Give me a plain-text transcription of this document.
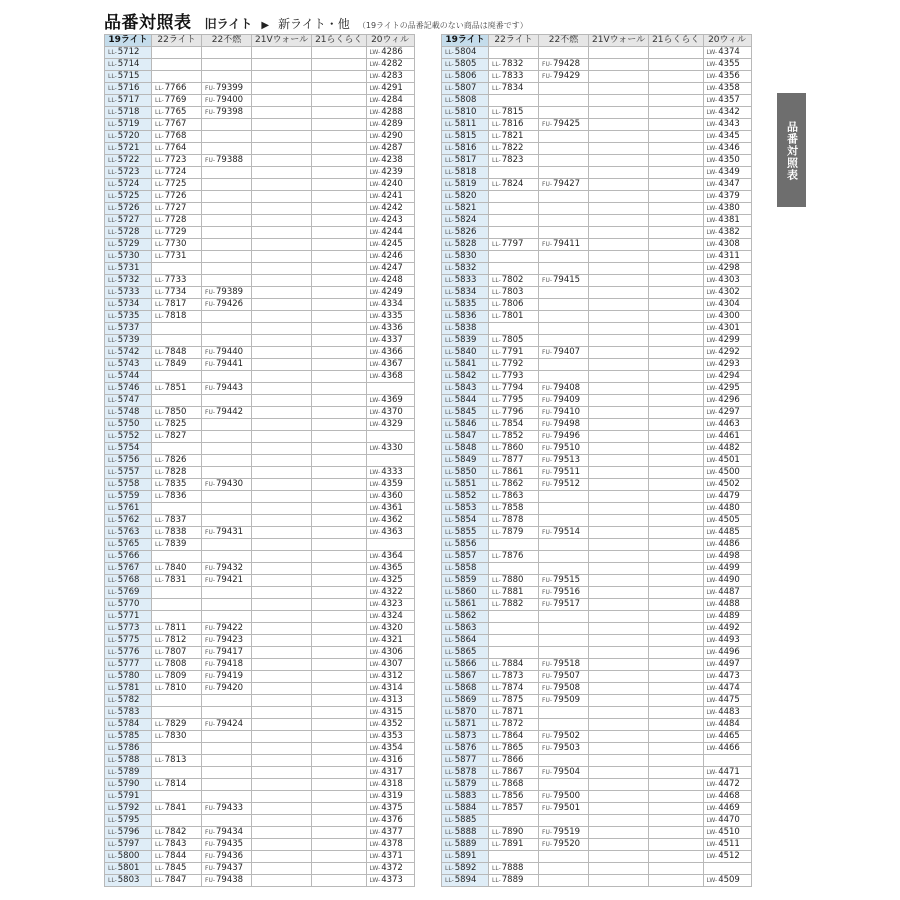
品番対照表 旧ライト ▶ 新ライト・他 （19ライトの品番記載のない商品は廃番です）
品番対照表
19ライト	22ライト	22不燃	21Vウォール	21らくらく	20ウィル
LL-5712					LW-4286
LL-5714					LW-4282
LL-5715					LW-4283
LL-5716	LL-7766	FU-79399			LW-4291
LL-5717	LL-7769	FU-79400			LW-4284
LL-5718	LL-7765	FU-79398			LW-4288
LL-5719	LL-7767				LW-4289
LL-5720	LL-7768				LW-4290
LL-5721	LL-7764				LW-4287
LL-5722	LL-7723	FU-79388			LW-4238
LL-5723	LL-7724				LW-4239
LL-5724	LL-7725				LW-4240
LL-5725	LL-7726				LW-4241
LL-5726	LL-7727				LW-4242
LL-5727	LL-7728				LW-4243
LL-5728	LL-7729				LW-4244
LL-5729	LL-7730				LW-4245
LL-5730	LL-7731				LW-4246
LL-5731					LW-4247
LL-5732	LL-7733				LW-4248
LL-5733	LL-7734	FU-79389			LW-4249
LL-5734	LL-7817	FU-79426			LW-4334
LL-5735	LL-7818				LW-4335
LL-5737					LW-4336
LL-5739					LW-4337
LL-5742	LL-7848	FU-79440			LW-4366
LL-5743	LL-7849	FU-79441			LW-4367
LL-5744					LW-4368
LL-5746	LL-7851	FU-79443			
LL-5747					LW-4369
LL-5748	LL-7850	FU-79442			LW-4370
LL-5750	LL-7825				LW-4329
LL-5752	LL-7827				
LL-5754					LW-4330
LL-5756	LL-7826				
LL-5757	LL-7828				LW-4333
LL-5758	LL-7835	FU-79430			LW-4359
LL-5759	LL-7836				LW-4360
LL-5761					LW-4361
LL-5762	LL-7837				LW-4362
LL-5763	LL-7838	FU-79431			LW-4363
LL-5765	LL-7839				
LL-5766					LW-4364
LL-5767	LL-7840	FU-79432			LW-4365
LL-5768	LL-7831	FU-79421			LW-4325
LL-5769					LW-4322
LL-5770					LW-4323
LL-5771					LW-4324
LL-5773	LL-7811	FU-79422			LW-4320
LL-5775	LL-7812	FU-79423			LW-4321
LL-5776	LL-7807	FU-79417			LW-4306
LL-5777	LL-7808	FU-79418			LW-4307
LL-5780	LL-7809	FU-79419			LW-4312
LL-5781	LL-7810	FU-79420			LW-4314
LL-5782					LW-4313
LL-5783					LW-4315
LL-5784	LL-7829	FU-79424			LW-4352
LL-5785	LL-7830				LW-4353
LL-5786					LW-4354
LL-5788	LL-7813				LW-4316
LL-5789					LW-4317
LL-5790	LL-7814				LW-4318
LL-5791					LW-4319
LL-5792	LL-7841	FU-79433			LW-4375
LL-5795					LW-4376
LL-5796	LL-7842	FU-79434			LW-4377
LL-5797	LL-7843	FU-79435			LW-4378
LL-5800	LL-7844	FU-79436			LW-4371
LL-5801	LL-7845	FU-79437			LW-4372
LL-5803	LL-7847	FU-79438			LW-4373
19ライト	22ライト	22不燃	21Vウォール	21らくらく	20ウィル
LL-5804					LW-4374
LL-5805	LL-7832	FU-79428			LW-4355
LL-5806	LL-7833	FU-79429			LW-4356
LL-5807	LL-7834				LW-4358
LL-5808					LW-4357
LL-5810	LL-7815				LW-4342
LL-5811	LL-7816	FU-79425			LW-4343
LL-5815	LL-7821				LW-4345
LL-5816	LL-7822				LW-4346
LL-5817	LL-7823				LW-4350
LL-5818					LW-4349
LL-5819	LL-7824	FU-79427			LW-4347
LL-5820					LW-4379
LL-5821					LW-4380
LL-5824					LW-4381
LL-5826					LW-4382
LL-5828	LL-7797	FU-79411			LW-4308
LL-5830					LW-4311
LL-5832					LW-4298
LL-5833	LL-7802	FU-79415			LW-4303
LL-5834	LL-7803				LW-4302
LL-5835	LL-7806				LW-4304
LL-5836	LL-7801				LW-4300
LL-5838					LW-4301
LL-5839	LL-7805				LW-4299
LL-5840	LL-7791	FU-79407			LW-4292
LL-5841	LL-7792				LW-4293
LL-5842	LL-7793				LW-4294
LL-5843	LL-7794	FU-79408			LW-4295
LL-5844	LL-7795	FU-79409			LW-4296
LL-5845	LL-7796	FU-79410			LW-4297
LL-5846	LL-7854	FU-79498			LW-4463
LL-5847	LL-7852	FU-79496			LW-4461
LL-5848	LL-7860	FU-79510			LW-4482
LL-5849	LL-7877	FU-79513			LW-4501
LL-5850	LL-7861	FU-79511			LW-4500
LL-5851	LL-7862	FU-79512			LW-4502
LL-5852	LL-7863				LW-4479
LL-5853	LL-7858				LW-4480
LL-5854	LL-7878				LW-4505
LL-5855	LL-7879	FU-79514			LW-4485
LL-5856					LW-4486
LL-5857	LL-7876				LW-4498
LL-5858					LW-4499
LL-5859	LL-7880	FU-79515			LW-4490
LL-5860	LL-7881	FU-79516			LW-4487
LL-5861	LL-7882	FU-79517			LW-4488
LL-5862					LW-4489
LL-5863					LW-4492
LL-5864					LW-4493
LL-5865					LW-4496
LL-5866	LL-7884	FU-79518			LW-4497
LL-5867	LL-7873	FU-79507			LW-4473
LL-5868	LL-7874	FU-79508			LW-4474
LL-5869	LL-7875	FU-79509			LW-4475
LL-5870	LL-7871				LW-4483
LL-5871	LL-7872				LW-4484
LL-5873	LL-7864	FU-79502			LW-4465
LL-5876	LL-7865	FU-79503			LW-4466
LL-5877	LL-7866				
LL-5878	LL-7867	FU-79504			LW-4471
LL-5879	LL-7868				LW-4472
LL-5883	LL-7856	FU-79500			LW-4468
LL-5884	LL-7857	FU-79501			LW-4469
LL-5885					LW-4470
LL-5888	LL-7890	FU-79519			LW-4510
LL-5889	LL-7891	FU-79520			LW-4511
LL-5891					LW-4512
LL-5892	LL-7888				
LL-5894	LL-7889				LW-4509
